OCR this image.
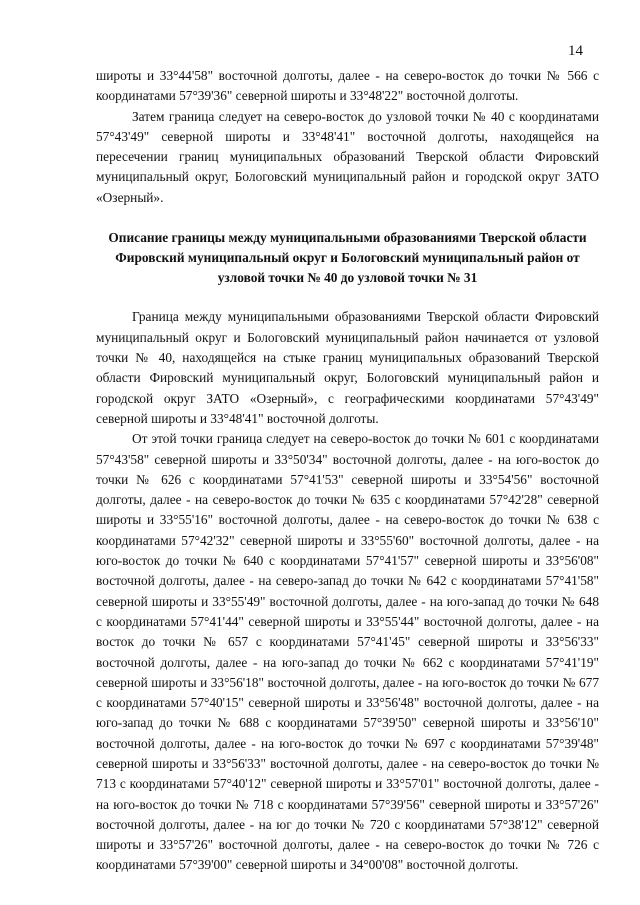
14

широты и 33°44'58" восточной долготы, далее - на северо-восток до точки № 566 с координатами 57°39'36" северной широты и 33°48'22" восточной долготы.

Затем граница следует на северо-восток до узловой точки № 40 с координатами 57°43'49" северной широты и 33°48'41" восточной долготы, находящейся на пересечении границ муниципальных образований Тверской области Фировский муниципальный округ, Бологовский муниципальный район и городской округ ЗАТО «Озерный».

Описание границы между муниципальными образованиями Тверской области Фировский муниципальный округ и Бологовский муниципальный район от узловой точки № 40 до узловой точки № 31

Граница между муниципальными образованиями Тверской области Фировский муниципальный округ и Бологовский муниципальный район начинается от узловой точки № 40, находящейся на стыке границ муниципальных образований Тверской области Фировский муниципальный округ, Бологовский муниципальный район и городской округ ЗАТО «Озерный», с географическими координатами 57°43'49" северной широты и 33°48'41" восточной долготы.

От этой точки граница следует на северо-восток до точки № 601 с координатами 57°43'58" северной широты и 33°50'34" восточной долготы, далее - на юго-восток до точки № 626 с координатами 57°41'53" северной широты и 33°54'56" восточной долготы, далее - на северо-восток до точки № 635 с координатами 57°42'28" северной широты и 33°55'16" восточной долготы, далее - на северо-восток до точки № 638 с координатами 57°42'32" северной широты и 33°55'60" восточной долготы, далее - на юго-восток до точки № 640 с координатами 57°41'57" северной широты и 33°56'08" восточной долготы, далее - на северо-запад до точки № 642 с координатами 57°41'58" северной широты и 33°55'49" восточной долготы, далее - на юго-запад до точки № 648 с координатами 57°41'44" северной широты и 33°55'44" восточной долготы, далее - на восток до точки № 657 с координатами 57°41'45" северной широты и 33°56'33" восточной долготы, далее - на юго-запад до точки № 662 с координатами 57°41'19" северной широты и 33°56'18" восточной долготы, далее - на юго-восток до точки № 677 с координатами 57°40'15" северной широты и 33°56'48" восточной долготы, далее - на юго-запад до точки № 688 с координатами 57°39'50" северной широты и 33°56'10" восточной долготы, далее - на юго-восток до точки № 697 с координатами 57°39'48" северной широты и 33°56'33" восточной долготы, далее - на северо-восток до точки № 713 с координатами 57°40'12" северной широты и 33°57'01" восточной долготы, далее - на юго-восток до точки № 718 с координатами 57°39'56" северной широты и 33°57'26" восточной долготы, далее - на юг до точки № 720 с координатами 57°38'12" северной широты и 33°57'26" восточной долготы, далее - на северо-восток до точки № 726 с координатами 57°39'00" северной широты и 34°00'08" восточной долготы.
